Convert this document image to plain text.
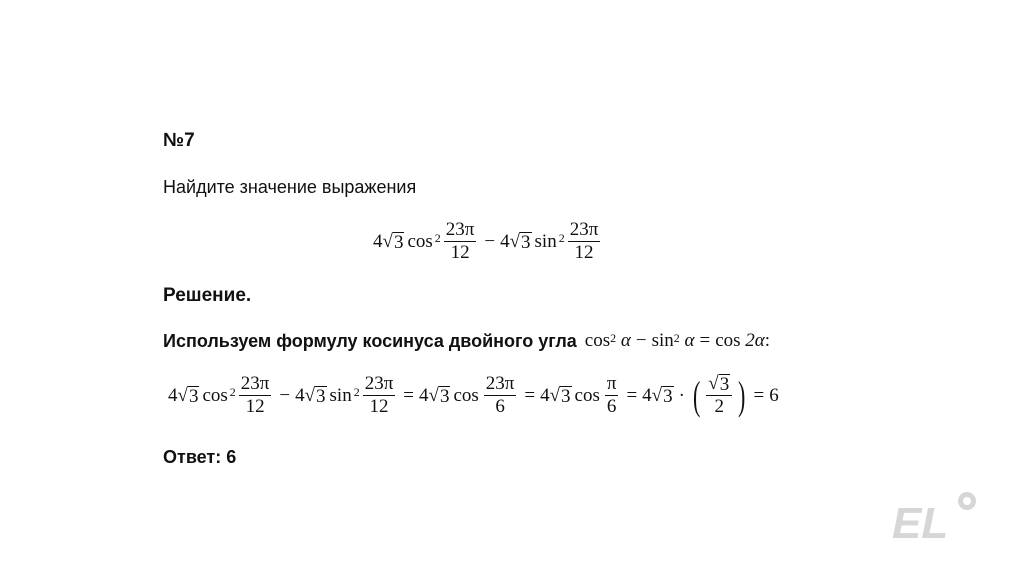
№7
Найдите значение выражения
4 √ 3 $\cos^2 \frac{23\pi}{12} - 4$ √ 3 $\sin^2 \frac{23\pi}{12}$
Решение.
Используем формулу косинуса двойного угла $\cos^2$
$\alpha - \sin^2$
α = cos
2α :
4 √ 3 $\cos^2 \frac{23\pi}{12} - 4$ √ 3 $\sin^2 \frac{23\pi}{12} = 4$ √ 3 $\cos \frac{23\pi}{6} = 4$ √ 3 $\cos \frac{\pi}{6} = 4$ √ 3 · ( $\frac{√ 3}{2}$ ) = 6
Ответ: 6
EL
